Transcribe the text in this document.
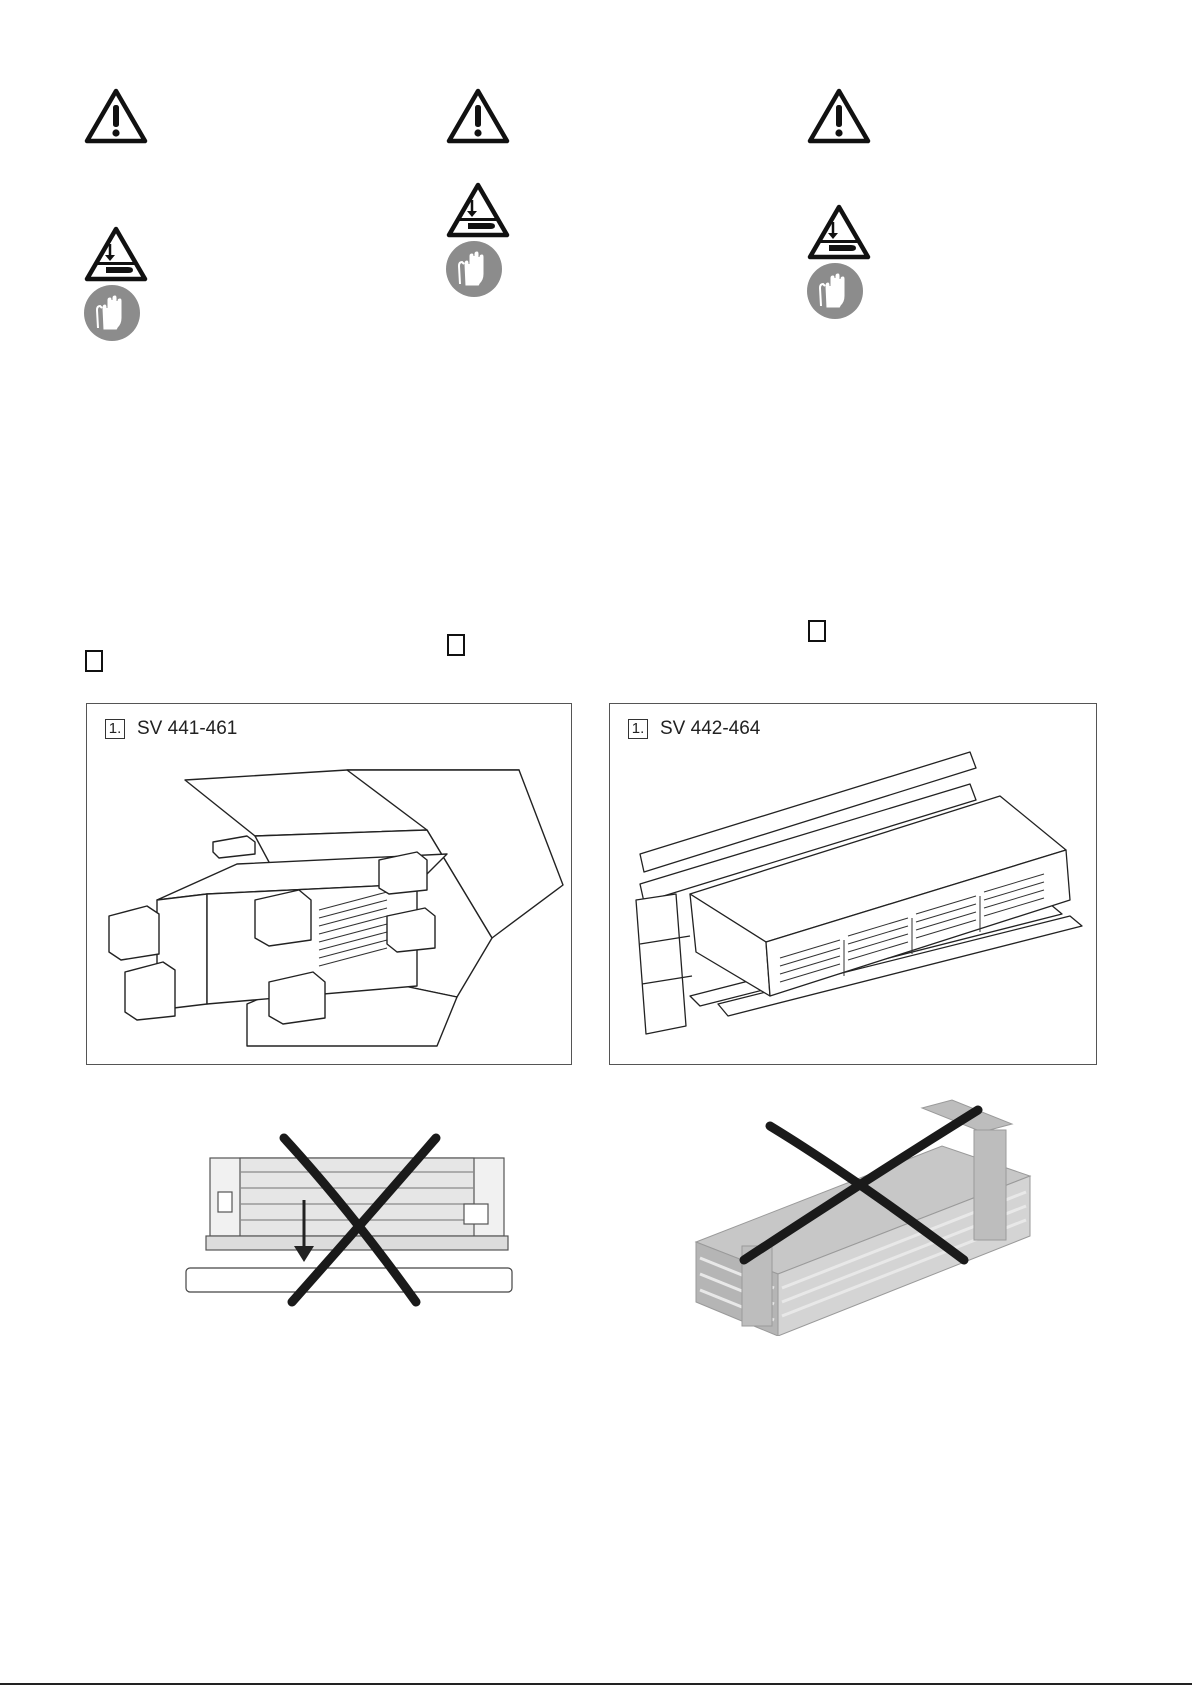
1. SV 441-461	1. SV 442-464
